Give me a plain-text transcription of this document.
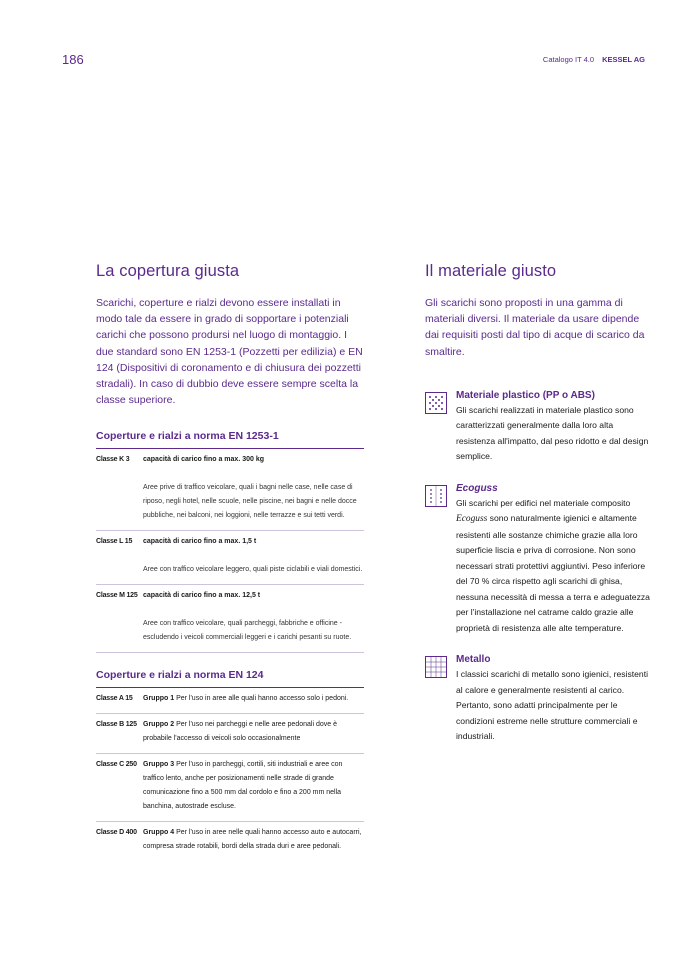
186	Catalogo IT 4.0 KESSEL AG
La copertura giusta

Scarichi, coperture e rialzi devono essere installati in modo tale da essere in grado di sopportare i potenziali carichi che possono prodursi nel luogo di montaggio. I due standard sono EN 1253-1 (Pozzetti per edilizia) e EN 124 (Dispositivi di coronamento e di chiusura dei pozzetti stradali). In caso di dubbio deve essere sempre scelta la classe superiore.

Coperture e rialzi a norma EN 1253-1
Classe K 3	capacità di carico fino a max. 300 kg
Aree prive di traffico veicolare, quali i bagni nelle case, nelle case di riposo, negli hotel, nelle scuole, nelle piscine, nei bagni e nelle docce pubbliche, nei balconi, nei loggioni, nelle terrazze e sui tetti verdi.
Classe L 15	capacità di carico fino a max. 1,5 t
Aree con traffico veicolare leggero, quali piste ciclabili e viali domestici.
Classe M 125 capacità di carico fino a max. 12,5 t
Aree con traffico veicolare, quali parcheggi, fabbriche e officine - escludendo i veicoli commerciali leggeri e i carichi pesanti su ruote.
Coperture e rialzi a norma EN 124
Classe A 15	Gruppo 1 Per l'uso in aree alle quali hanno accesso solo i pedoni.
Classe B 125 Gruppo 2 Per l'uso nei parcheggi e nelle aree pedonali dove è probabile l'accesso di veicoli solo occasionalmente
Classe C 250 Gruppo 3 Per l'uso in parcheggi, cortili, siti industriali e aree con traffico lento, anche per posizionamenti nelle strade di grande comunicazione fino a 500 mm dal cordolo e fino a 200 mm nella banchina, autostrade escluse.
Classe D 400 Gruppo 4 Per l'uso in aree nelle quali hanno accesso auto e autocarri, compresa strade rotabili, bordi della strada duri e aree pedonali.
Il materiale giusto

Gli scarichi sono proposti in una gamma di materiali diversi. Il materiale da usare dipende dai requisiti posti dal tipo di acque di scarico da smaltire.

Materiale plastico (PP o ABS)
Gli scarichi realizzati in materiale plastico sono caratterizzati generalmente dalla loro alta resistenza all'impatto, dal peso ridotto e dal design semplice.
Ecoguss
Gli scarichi per edifici nel materiale composito Ecoguss sono naturalmente igienici e altamente resistenti alle sostanze chimiche grazie alla loro superficie liscia e priva di corrosione. Non sono necessari strati protettivi aggiuntivi. Peso inferiore del 70 % circa rispetto agli scarichi di ghisa, nessuna necessità di messa a terra e adeguatezza per l'installazione nel catrame caldo grazie alle proprietà di resistenza alle alte temperature.
Metallo
I classici scarichi di metallo sono igienici, resistenti al calore e generalmente resistenti al carico. Pertanto, sono adatti principalmente per le condizioni estreme nelle strutture commerciali e industriali.
